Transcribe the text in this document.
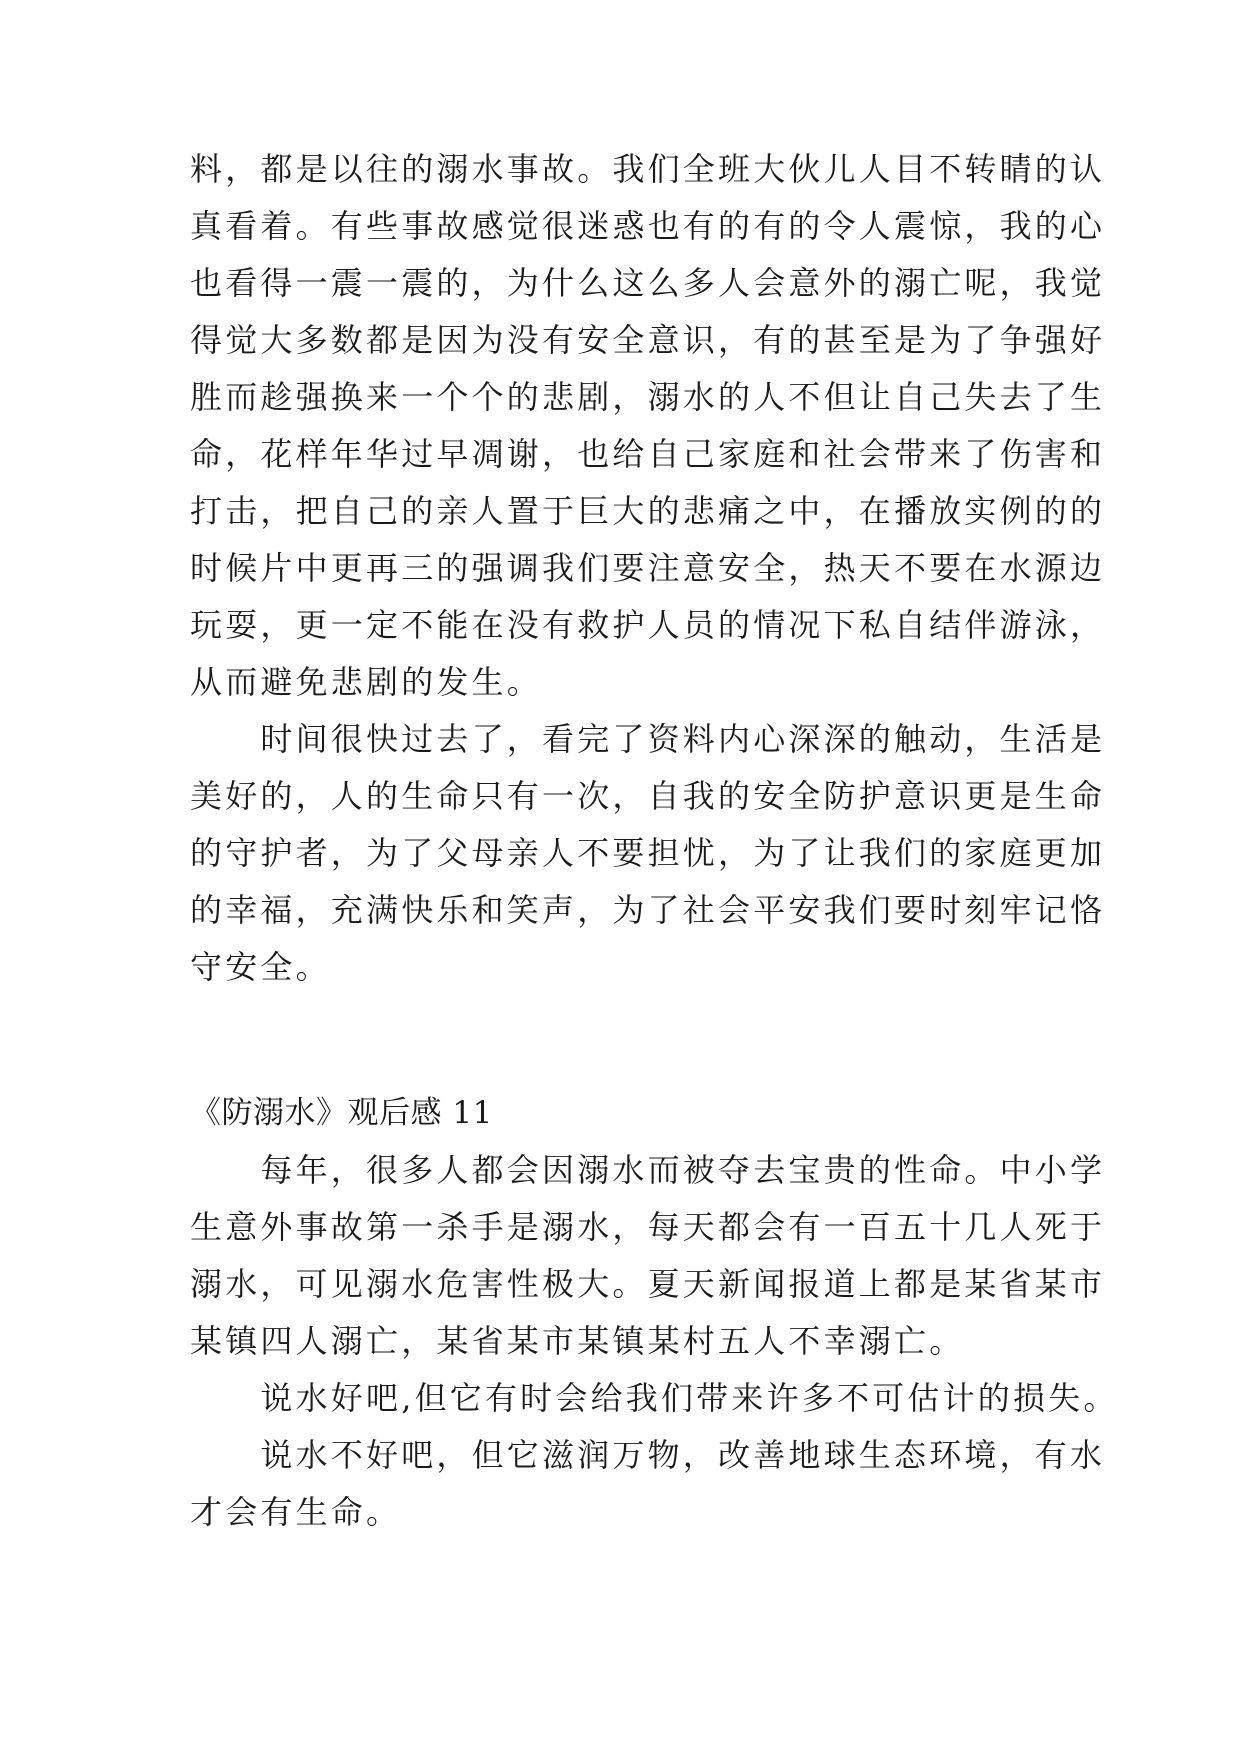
料，都是以往的溺水事故。我们全班大伙儿人目不转睛的认
真看着。有些事故感觉很迷惑也有的有的令人震惊，我的心
也看得一震一震的，为什么这么多人会意外的溺亡呢，我觉
得觉大多数都是因为没有安全意识，有的甚至是为了争强好
胜而趁强换来一个个的悲剧，溺水的人不但让自己失去了生
命，花样年华过早凋谢，也给自己家庭和社会带来了伤害和
打击，把自己的亲人置于巨大的悲痛之中，在播放实例的的
时候片中更再三的强调我们要注意安全，热天不要在水源边
玩耍，更一定不能在没有救护人员的情况下私自结伴游泳，
从而避免悲剧的发生。
　　时间很快过去了，看完了资料内心深深的触动，生活是
美好的，人的生命只有一次，自我的安全防护意识更是生命
的守护者，为了父母亲人不要担忧，为了让我们的家庭更加
的幸福，充满快乐和笑声，为了社会平安我们要时刻牢记恪
守安全。
《防溺水》观后感 11
　　每年，很多人都会因溺水而被夺去宝贵的性命。中小学
生意外事故第一杀手是溺水，每天都会有一百五十几人死于
溺水，可见溺水危害性极大。夏天新闻报道上都是某省某市
某镇四人溺亡，某省某市某镇某村五人不幸溺亡。
　　说水好吧,但它有时会给我们带来许多不可估计的损失。
　　说水不好吧，但它滋润万物，改善地球生态环境，有水
才会有生命。
